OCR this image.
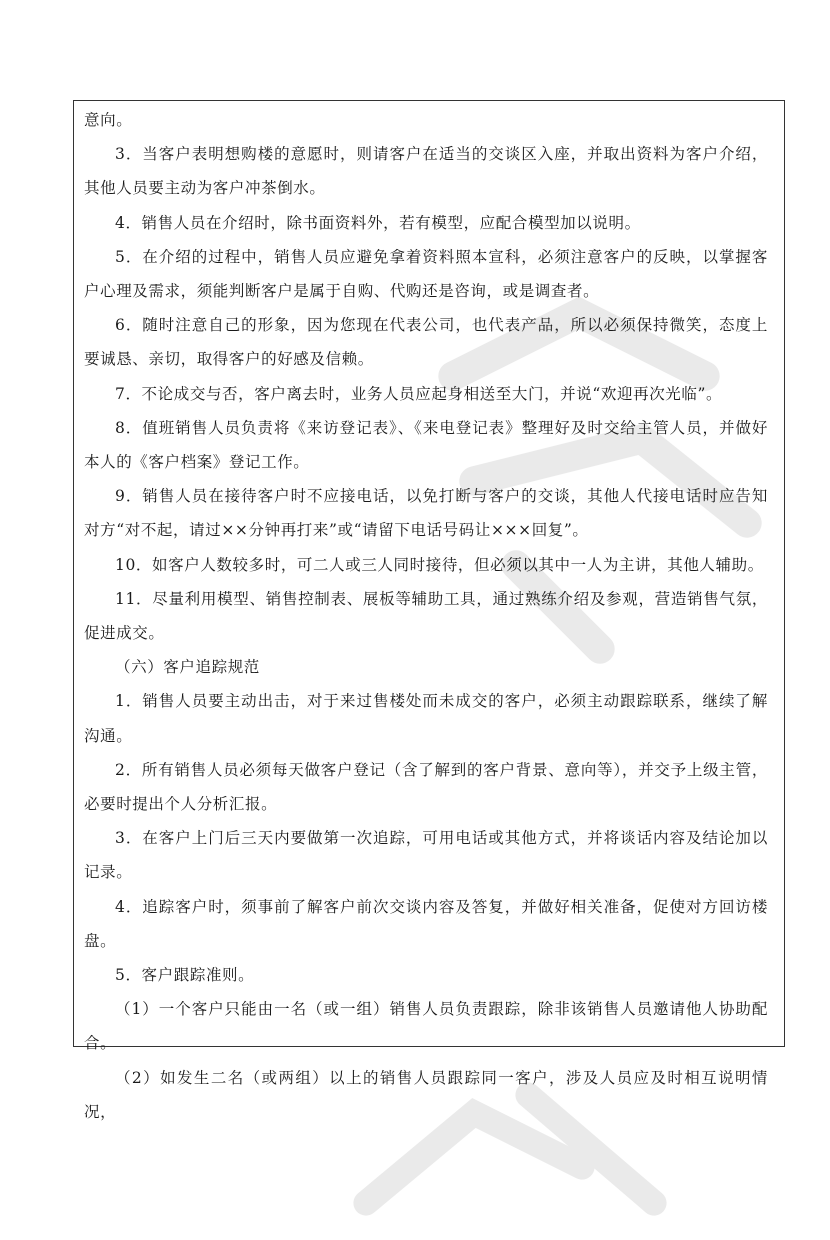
意向。

3．当客户表明想购楼的意愿时，则请客户在适当的交谈区入座，并取出资料为客户介绍，其他人员要主动为客户冲茶倒水。

4．销售人员在介绍时，除书面资料外，若有模型，应配合模型加以说明。

5．在介绍的过程中，销售人员应避免拿着资料照本宣科，必须注意客户的反映，以掌握客户心理及需求，须能判断客户是属于自购、代购还是咨询，或是调查者。

6．随时注意自己的形象，因为您现在代表公司，也代表产品，所以必须保持微笑，态度上要诚恳、亲切，取得客户的好感及信赖。

7．不论成交与否，客户离去时，业务人员应起身相送至大门，并说“欢迎再次光临”。

8．值班销售人员负责将《来访登记表》、《来电登记表》整理好及时交给主管人员，并做好本人的《客户档案》登记工作。

9．销售人员在接待客户时不应接电话，以免打断与客户的交谈，其他人代接电话时应告知对方“对不起，请过××分钟再打来”或“请留下电话号码让×××回复”。

10．如客户人数较多时，可二人或三人同时接待，但必须以其中一人为主讲，其他人辅助。

11．尽量利用模型、销售控制表、展板等辅助工具，通过熟练介绍及参观，营造销售气氛，促进成交。

（六）客户追踪规范

1．销售人员要主动出击，对于来过售楼处而未成交的客户，必须主动跟踪联系，继续了解沟通。

2．所有销售人员必须每天做客户登记（含了解到的客户背景、意向等），并交予上级主管，必要时提出个人分析汇报。

3．在客户上门后三天内要做第一次追踪，可用电话或其他方式，并将谈话内容及结论加以记录。

4．追踪客户时，须事前了解客户前次交谈内容及答复，并做好相关准备，促使对方回访楼盘。

5．客户跟踪准则。

（1）一个客户只能由一名（或一组）销售人员负责跟踪，除非该销售人员邀请他人协助配合。

（2）如发生二名（或两组）以上的销售人员跟踪同一客户，涉及人员应及时相互说明情况，
